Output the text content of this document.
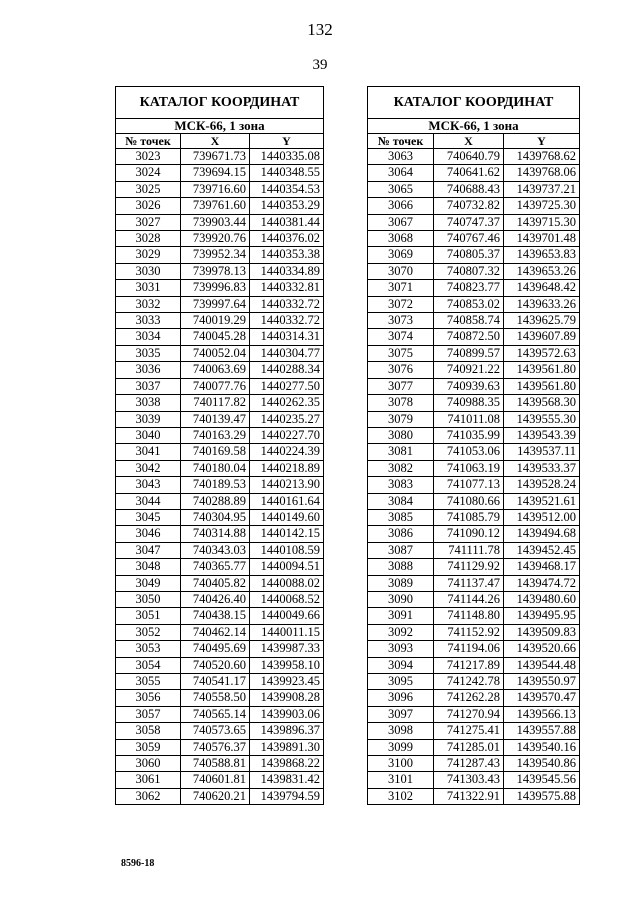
132
39
КАТАЛОГ КООРДИНАТ		
МСК-66, 1 зона		
№ точек	X	Y
3023	739671.73	1440335.08
3024	739694.15	1440348.55
3025	739716.60	1440354.53
3026	739761.60	1440353.29
3027	739903.44	1440381.44
3028	739920.76	1440376.02
3029	739952.34	1440353.38
3030	739978.13	1440334.89
3031	739996.83	1440332.81
3032	739997.64	1440332.72
3033	740019.29	1440332.72
3034	740045.28	1440314.31
3035	740052.04	1440304.77
3036	740063.69	1440288.34
3037	740077.76	1440277.50
3038	740117.82	1440262.35
3039	740139.47	1440235.27
3040	740163.29	1440227.70
3041	740169.58	1440224.39
3042	740180.04	1440218.89
3043	740189.53	1440213.90
3044	740288.89	1440161.64
3045	740304.95	1440149.60
3046	740314.88	1440142.15
3047	740343.03	1440108.59
3048	740365.77	1440094.51
3049	740405.82	1440088.02
3050	740426.40	1440068.52
3051	740438.15	1440049.66
3052	740462.14	1440011.15
3053	740495.69	1439987.33
3054	740520.60	1439958.10
3055	740541.17	1439923.45
3056	740558.50	1439908.28
3057	740565.14	1439903.06
3058	740573.65	1439896.37
3059	740576.37	1439891.30
3060	740588.81	1439868.22
3061	740601.81	1439831.42
3062	740620.21	1439794.59
КАТАЛОГ КООРДИНАТ		
МСК-66, 1 зона		
№ точек	X	Y
3063	740640.79	1439768.62
3064	740641.62	1439768.06
3065	740688.43	1439737.21
3066	740732.82	1439725.30
3067	740747.37	1439715.30
3068	740767.46	1439701.48
3069	740805.37	1439653.83
3070	740807.32	1439653.26
3071	740823.77	1439648.42
3072	740853.02	1439633.26
3073	740858.74	1439625.79
3074	740872.50	1439607.89
3075	740899.57	1439572.63
3076	740921.22	1439561.80
3077	740939.63	1439561.80
3078	740988.35	1439568.30
3079	741011.08	1439555.30
3080	741035.99	1439543.39
3081	741053.06	1439537.11
3082	741063.19	1439533.37
3083	741077.13	1439528.24
3084	741080.66	1439521.61
3085	741085.79	1439512.00
3086	741090.12	1439494.68
3087	741111.78	1439452.45
3088	741129.92	1439468.17
3089	741137.47	1439474.72
3090	741144.26	1439480.60
3091	741148.80	1439495.95
3092	741152.92	1439509.83
3093	741194.06	1439520.66
3094	741217.89	1439544.48
3095	741242.78	1439550.97
3096	741262.28	1439570.47
3097	741270.94	1439566.13
3098	741275.41	1439557.88
3099	741285.01	1439540.16
3100	741287.43	1439540.86
3101	741303.43	1439545.56
3102	741322.91	1439575.88
8596-18
